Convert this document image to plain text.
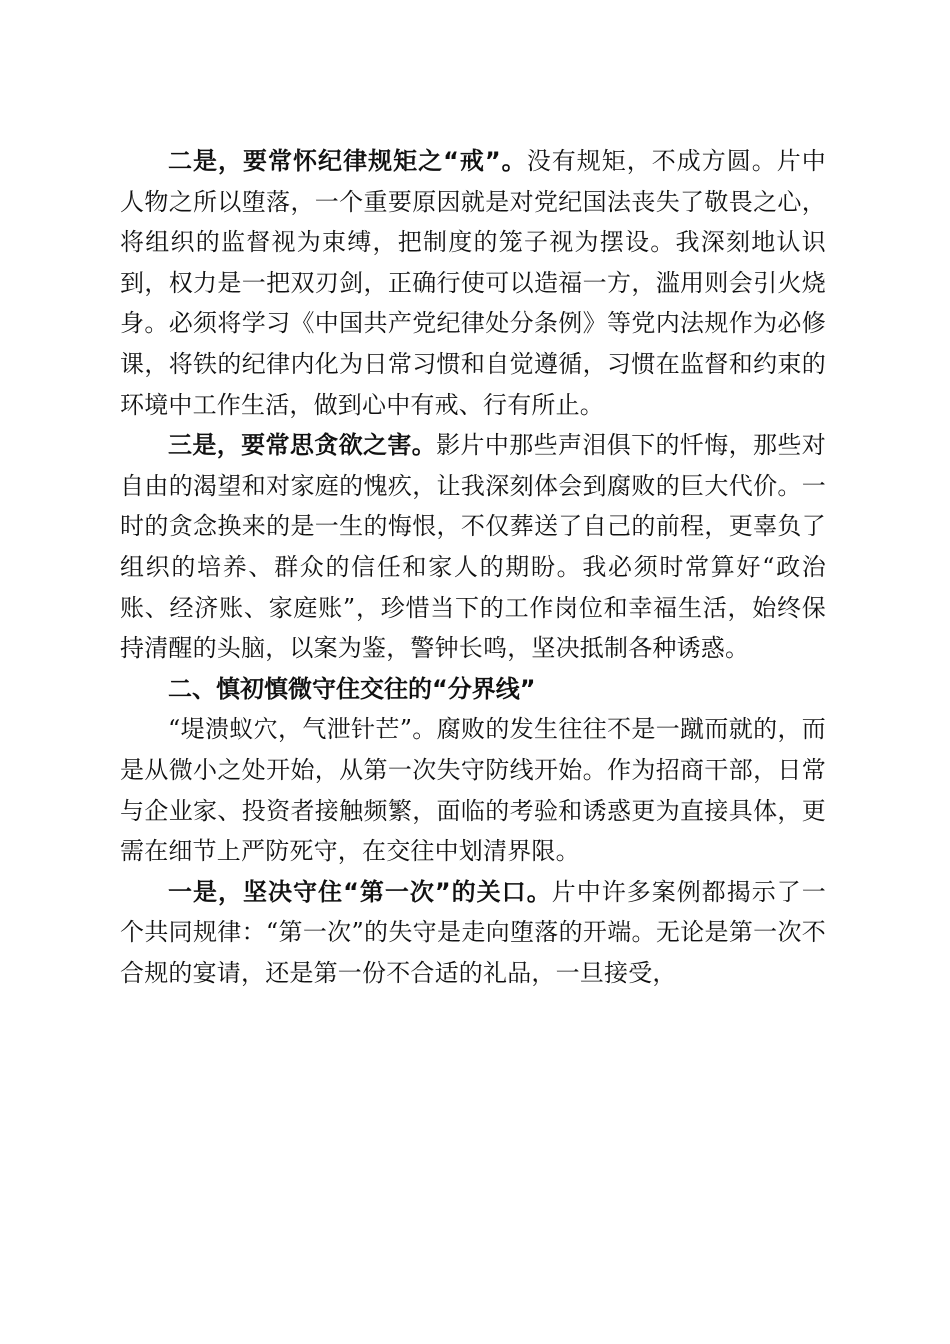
二是，要常怀纪律规矩之“戒”。没有规矩，不成方圆。片中人物之所以堕落，一个重要原因就是对党纪国法丧失了敬畏之心，将组织的监督视为束缚，把制度的笼子视为摆设。我深刻地认识到，权力是一把双刃剑，正确行使可以造福一方，滥用则会引火烧身。必须将学习《中国共产党纪律处分条例》等党内法规作为必修课，将铁的纪律内化为日常习惯和自觉遵循，习惯在监督和约束的环境中工作生活，做到心中有戒、行有所止。

三是，要常思贪欲之害。影片中那些声泪俱下的忏悔，那些对自由的渴望和对家庭的愧疚，让我深刻体会到腐败的巨大代价。一时的贪念换来的是一生的悔恨，不仅葬送了自己的前程，更辜负了组织的培养、群众的信任和家人的期盼。我必须时常算好“政治账、经济账、家庭账”，珍惜当下的工作岗位和幸福生活，始终保持清醒的头脑，以案为鉴，警钟长鸣，坚决抵制各种诱惑。

二、慎初慎微守住交往的“分界线”

“堤溃蚁穴，气泄针芒”。腐败的发生往往不是一蹴而就的，而是从微小之处开始，从第一次失守防线开始。作为招商干部，日常与企业家、投资者接触频繁，面临的考验和诱惑更为直接具体，更需在细节上严防死守，在交往中划清界限。

一是，坚决守住“第一次”的关口。片中许多案例都揭示了一个共同规律：“第一次”的失守是走向堕落的开端。无论是第一次不合规的宴请，还是第一份不合适的礼品，一旦接受，
